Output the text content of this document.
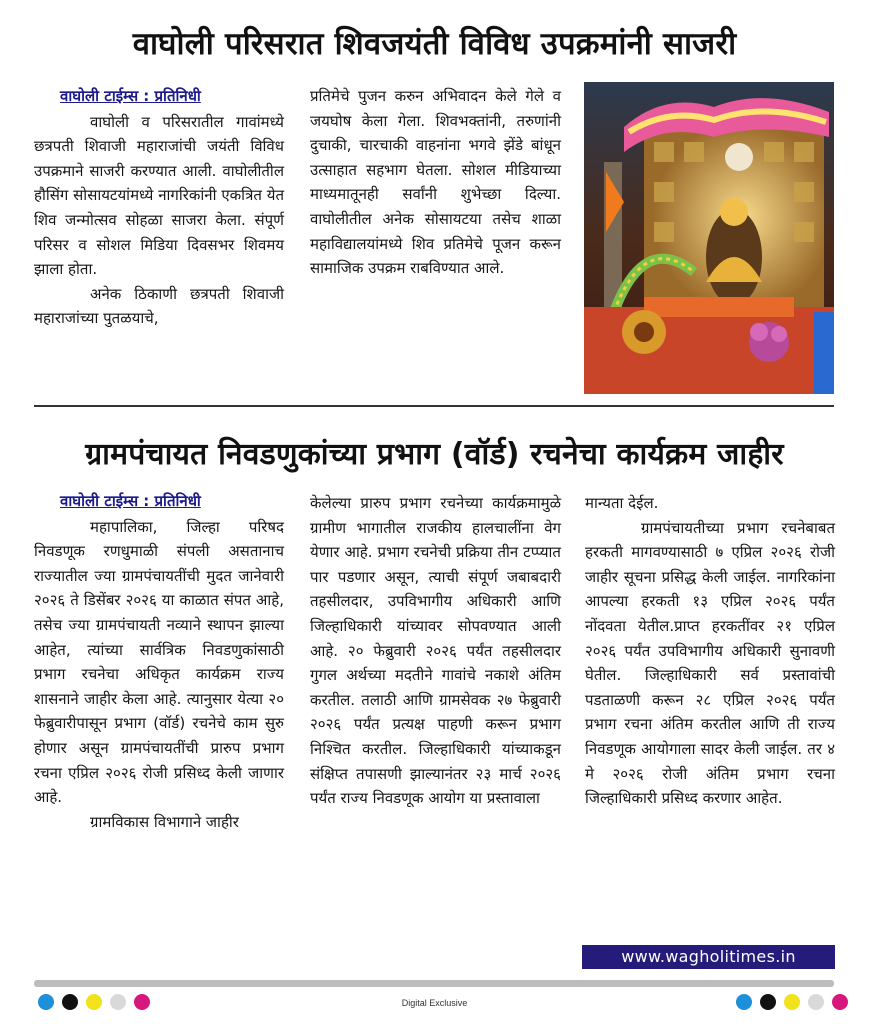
वाघोली परिसरात शिवजयंती विविध उपक्रमांनी साजरी
वाघोली टाईम्स : प्रतिनिधी

वाघोली व परिसरातील गावांमध्ये छत्रपती शिवाजी महाराजांची जयंती विविध उपक्रमाने साजरी करण्यात आली. वाघोलीतील हौसिंग सोसायटयांमध्ये नागरिकांनी एकत्रित येत शिव जन्मोत्सव सोहळा साजरा केला. संपूर्ण परिसर व सोशल मिडिया दिवसभर शिवमय झाला होता.

अनेक ठिकाणी छत्रपती शिवाजी महाराजांच्या पुतळयाचे,

प्रतिमेचे पुजन करुन अभिवादन केले गेले व जयघोष केला गेला. शिवभक्तांनी, तरुणांनी दुचाकी, चारचाकी वाहनांना भगवे झेंडे बांधून उत्साहात सहभाग घेतला. सोशल मीडियाच्या माध्यमातूनही सर्वांनी शुभेच्छा दिल्या. वाघोलीतील अनेक सोसायटया तसेच शाळा महाविद्यालयांमध्ये शिव प्रतिमेचे पूजन करून सामाजिक उपक्रम राबविण्यात आले.

ग्रामपंचायत निवडणुकांच्या प्रभाग (वॉर्ड) रचनेचा कार्यक्रम जाहीर
वाघोली टाईम्स : प्रतिनिधी

महापालिका, जिल्हा परिषद निवडणूक रणधुमाळी संपली असतानाच राज्यातील ज्या ग्रामपंचायतींची मुदत जानेवारी २०२६ ते डिसेंबर २०२६ या काळात संपत आहे, तसेच ज्या ग्रामपंचायती नव्याने स्थापन झाल्या आहेत, त्यांच्या सार्वत्रिक निवडणुकांसाठी प्रभाग रचनेचा अधिकृत कार्यक्रम राज्य शासनाने जाहीर केला आहे. त्यानुसार येत्या २० फेब्रुवारीपासून प्रभाग (वॉर्ड) रचनेचे काम सुरु होणार असून ग्रामपंचायतींची प्रारुप प्रभाग रचना एप्रिल २०२६ रोजी प्रसिध्द केली जाणार आहे.

ग्रामविकास विभागाने जाहीर

केलेल्या प्रारुप प्रभाग रचनेच्या कार्यक्रमामुळे ग्रामीण भागातील राजकीय हालचालींना वेग येणार आहे. प्रभाग रचनेची प्रक्रिया तीन टप्प्यात पार पडणार असून, त्याची संपूर्ण जबाबदारी तहसीलदार, उपविभागीय अधिकारी आणि जिल्हाधिकारी यांच्यावर सोपवण्यात आली आहे. २० फेब्रुवारी २०२६ पर्यंत तहसीलदार गुगल अर्थच्या मदतीने गावांचे नकाशे अंतिम करतील. तलाठी आणि ग्रामसेवक २७ फेब्रुवारी २०२६ पर्यंत प्रत्यक्ष पाहणी करून प्रभाग निश्चित करतील. जिल्हाधिकारी यांच्याकडून संक्षिप्त तपासणी झाल्यानंतर २३ मार्च २०२६ पर्यंत राज्य निवडणूक आयोग या प्रस्तावाला

मान्यता देईल.

ग्रामपंचायतीच्या प्रभाग रचनेबाबत हरकती मागवण्यासाठी ७ एप्रिल २०२६ रोजी जाहीर सूचना प्रसिद्ध केली जाईल. नागरिकांना आपल्या हरकती १३ एप्रिल २०२६ पर्यंत नोंदवता येतील.प्राप्त हरकतींवर २१ एप्रिल २०२६ पर्यंत उपविभागीय अधिकारी सुनावणी घेतील. जिल्हाधिकारी सर्व प्रस्तावांची पडताळणी करून २८ एप्रिल २०२६ पर्यंत प्रभाग रचना अंतिम करतील आणि ती राज्य निवडणूक आयोगाला सादर केली जाईल. तर ४ मे २०२६ रोजी अंतिम प्रभाग रचना जिल्हाधिकारी प्रसिध्द करणार आहेत.

www.wagholitimes.in
Digital Exclusive
